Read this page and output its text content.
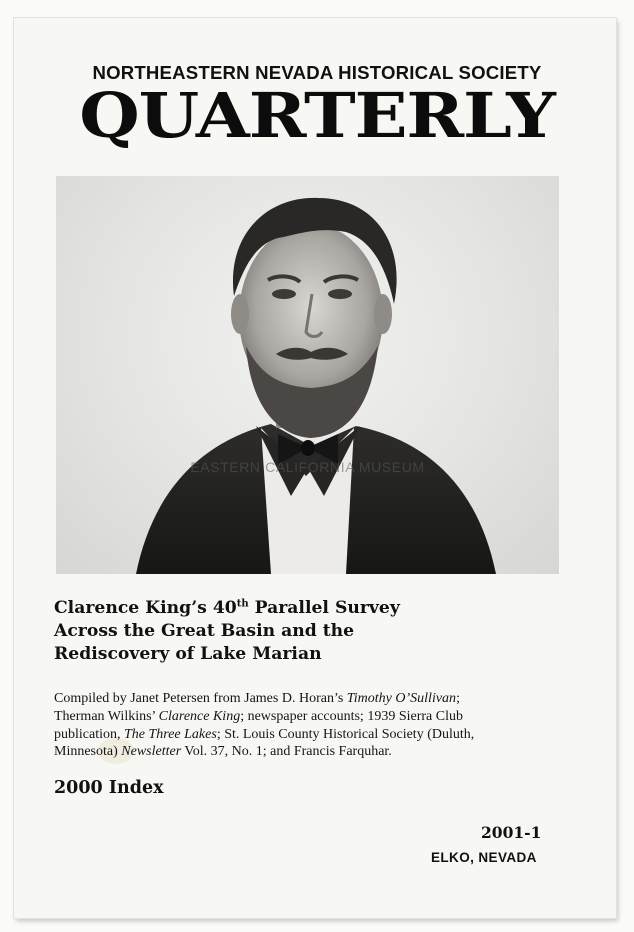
NORTHEASTERN NEVADA HISTORICAL SOCIETY
QUARTERLY
EASTERN CALIFORNIA MUSEUM
Clarence King’s 40th Parallel Survey
Across the Great Basin and the
Rediscovery of Lake Marian
Compiled by Janet Petersen from James D. Horan’s Timothy O’Sullivan;
Therman Wilkins’ Clarence King; newspaper accounts; 1939 Sierra Club
publication, The Three Lakes; St. Louis County Historical Society (Duluth,
Minnesota) Newsletter Vol. 37, No. 1; and Francis Farquhar.
2000 Index
2001-1
ELKO, NEVADA
